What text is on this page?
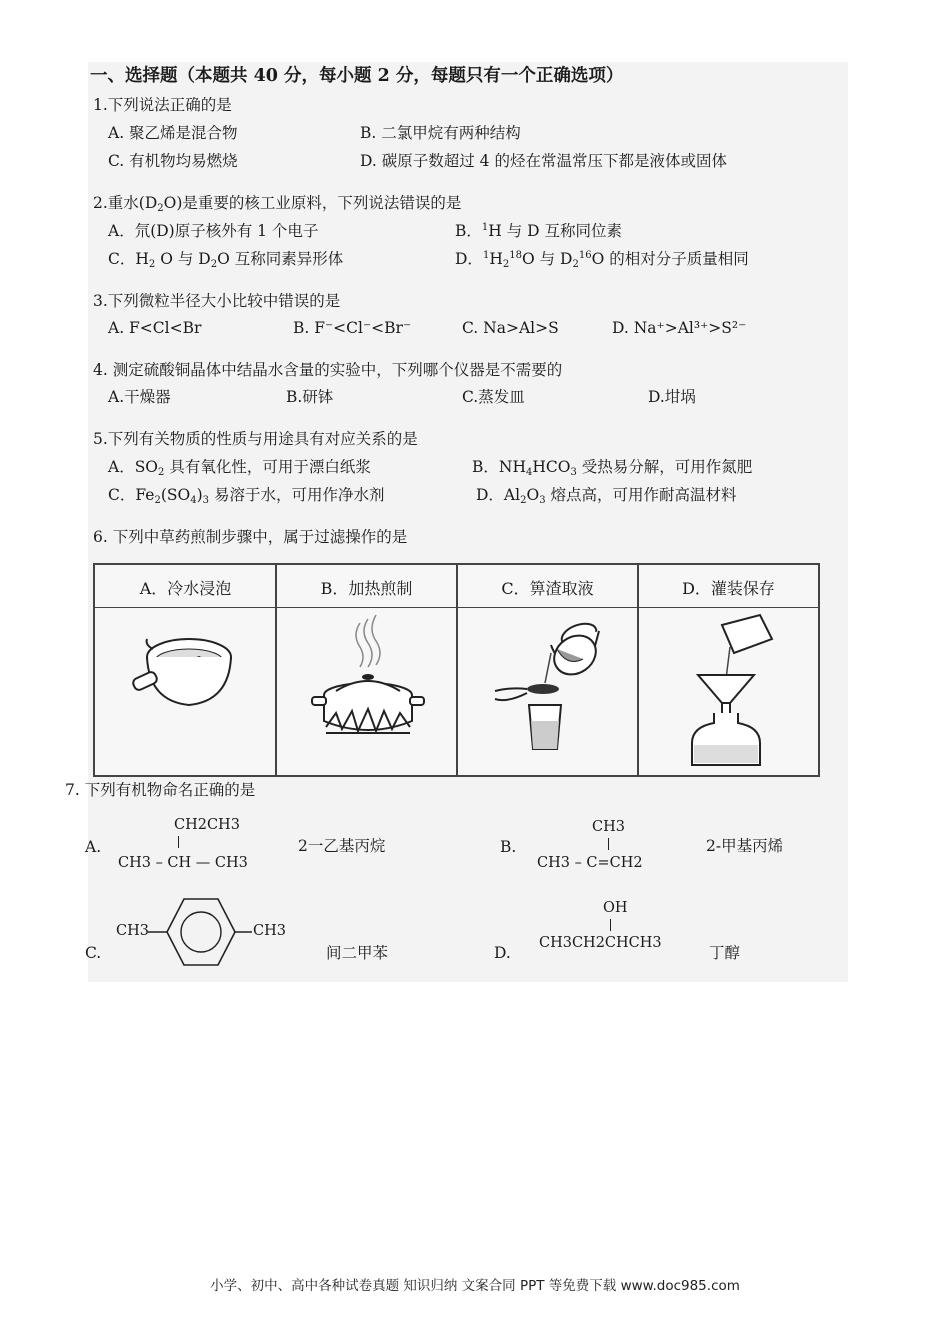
一、选择题（本题共 40 分，每小题 2 分，每题只有一个正确选项）
1.下列说法正确的是
A. 聚乙烯是混合物	B. 二氯甲烷有两种结构
C. 有机物均易燃烧	D. 碳原子数超过 4 的烃在常温常压下都是液体或固体
2.重水$(D_2O)$是重要的核工业原料，下列说法错误的是
A．氘(D)原子核外有 1 个电子	B．$^1$H 与 D 互称同位素
C．$H_2$ O 与 $D_2O$ 互称同素异形体	D．$^1H_2^{18}O$ 与 $D_2^{16}O$ 的相对分子质量相同
3.下列微粒半径大小比较中错误的是
A. F<Cl<Br	B. F⁻<Cl⁻<Br⁻	C. Na>Al>S	D. Na⁺>Al³⁺>S²⁻
4. 测定硫酸铜晶体中结晶水含量的实验中，下列哪个仪器是不需要的
A.干燥器	B.研钵	C.蒸发皿	D.坩埚
5.下列有关物质的性质与用途具有对应关系的是
A．$SO_2$ 具有氧化性，可用于漂白纸浆	B．$NH_4HCO_3$ 受热易分解，可用作氮肥
C．$Fe_2(SO_4)_3$ 易溶于水，可用作净水剂	D．$Al_2O_3$ 熔点高，可用作耐高温材料
6. 下列中草药煎制步骤中，属于过滤操作的是
A．冷水浸泡	B．加热煎制	C．箅渣取液	D．灌装保存
7. 下列有机物命名正确的是
A.
CH2CH3
CH3 – CH — CH3
2一乙基丙烷	B.
CH3
CH3 – C=CH2
2-甲基丙烯
C.
CH3	CH3
间二甲苯	D.
OH
CH3CH2CHCH3
丁醇
小学、初中、高中各种试卷真题 知识归纳 文案合同 PPT 等免费下载 www.doc985.com
